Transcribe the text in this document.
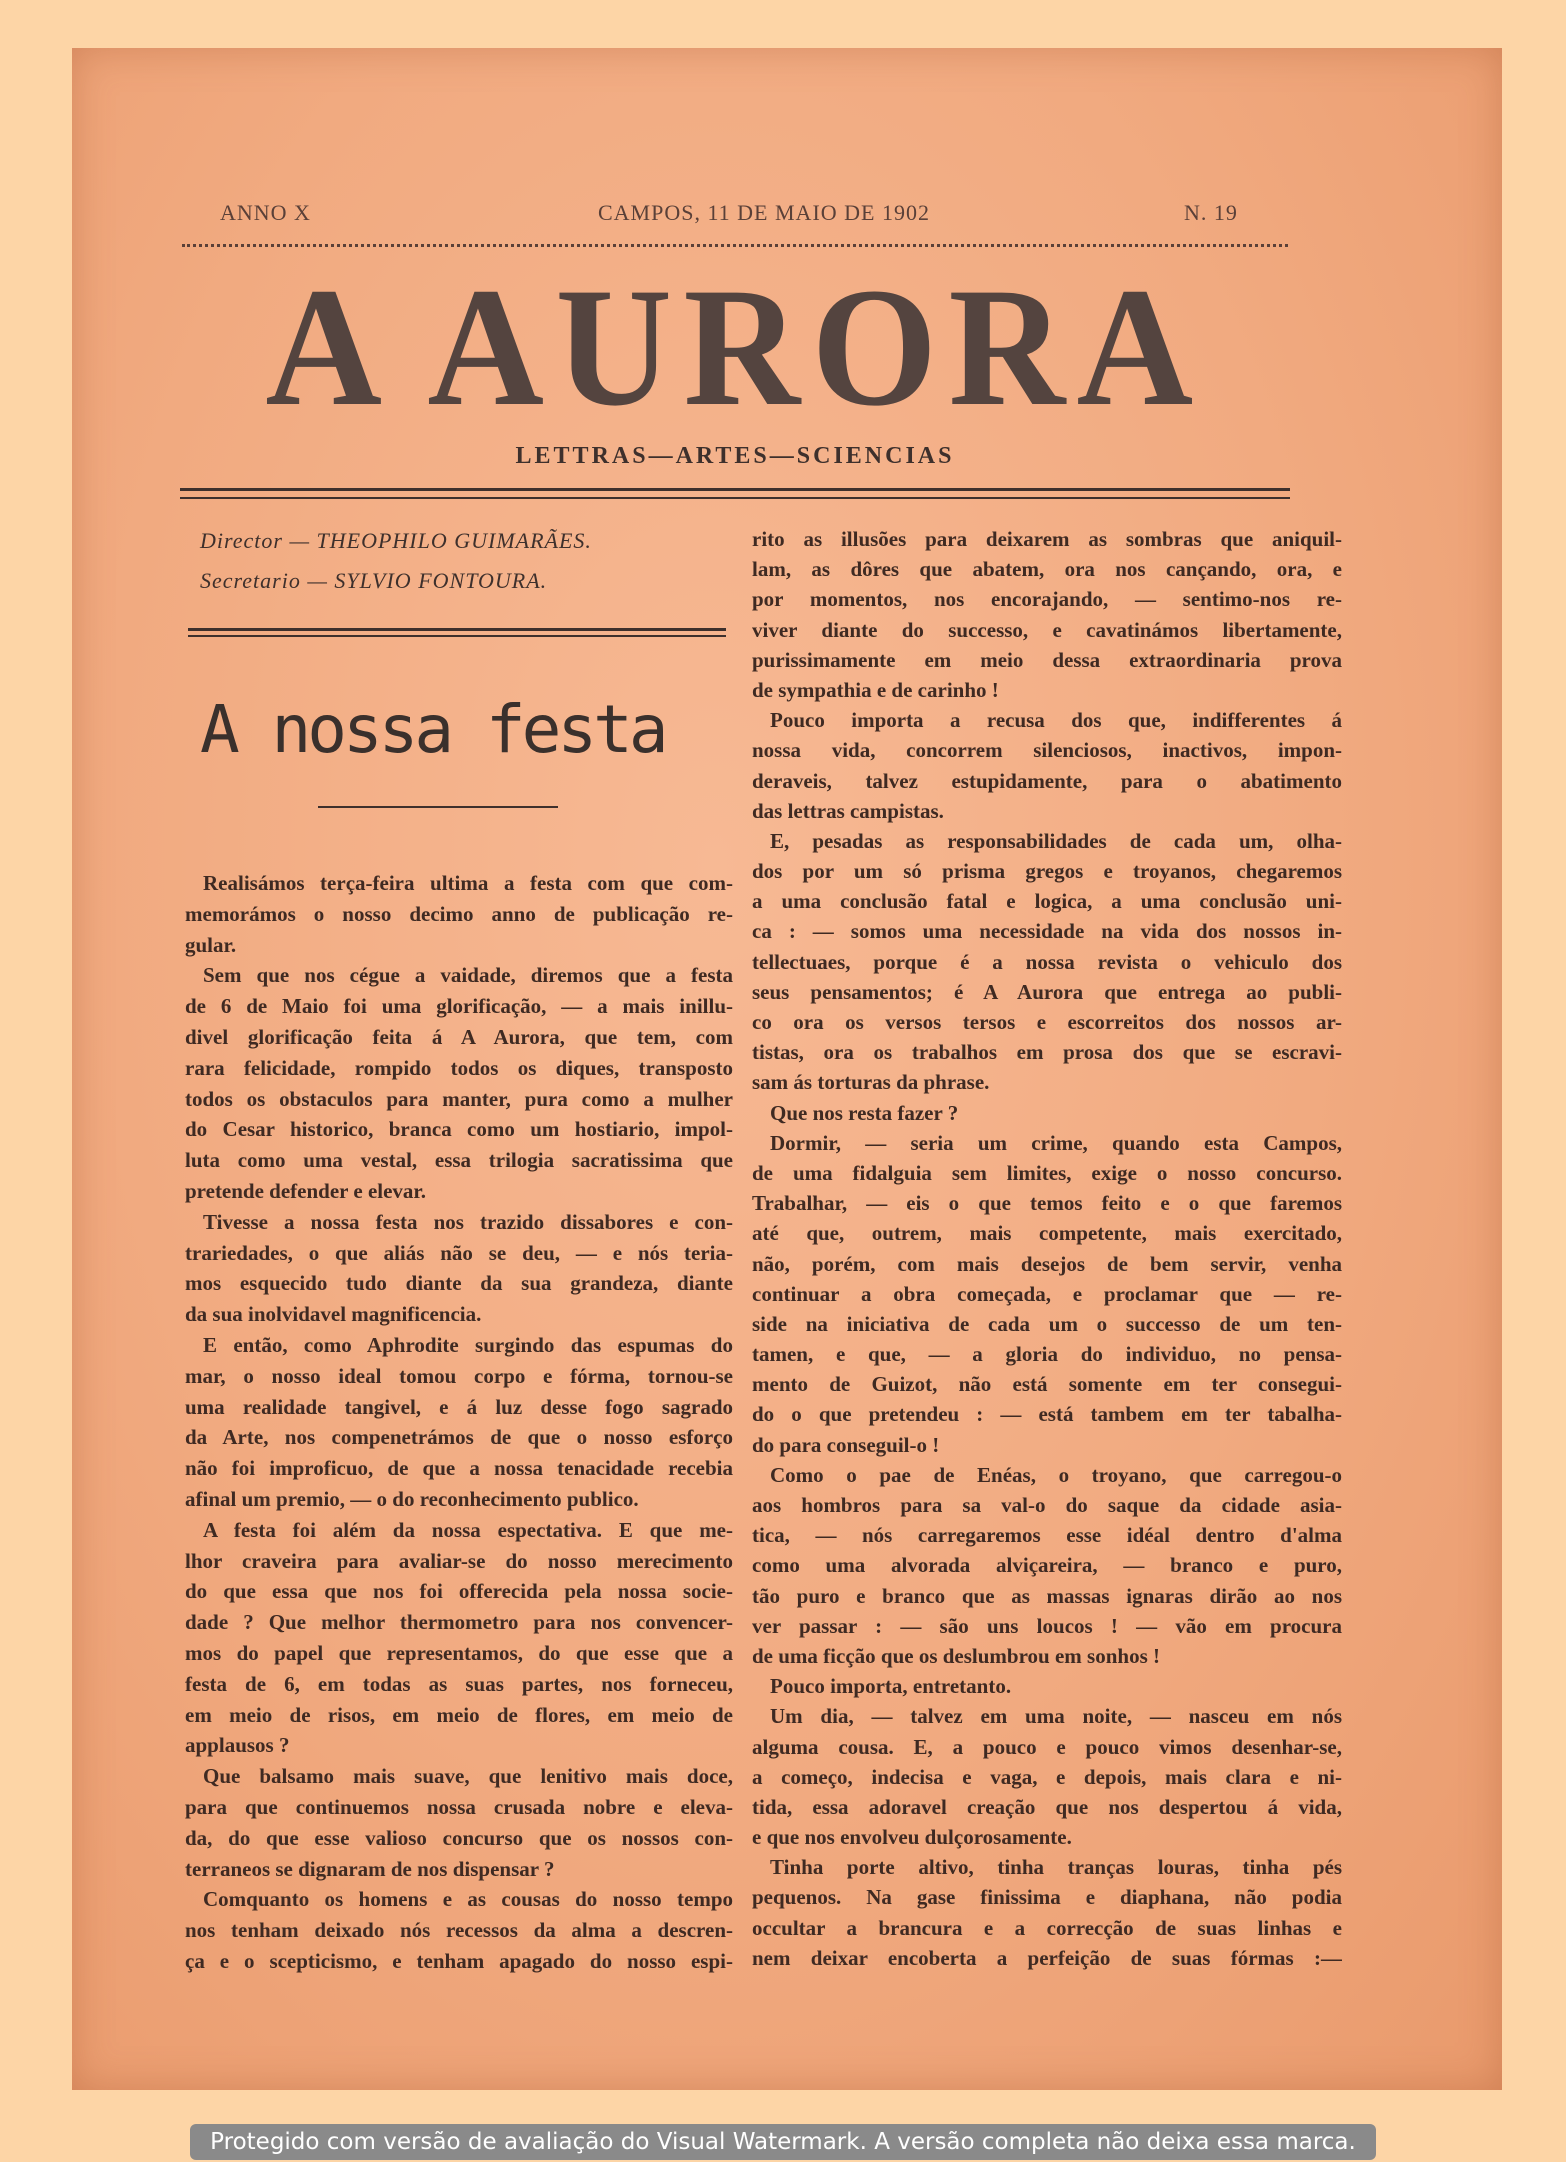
ANNO X	CAMPOS, 11 DE MAIO DE 1902	N. 19
A AURORA
LETTRAS—ARTES—SCIENCIAS
Director — THEOPHILO GUIMARÃES.
Secretario — SYLVIO FONTOURA.
A nossa festa
Realisámos terça-feira ultima a festa com que com-
memorámos o nosso decimo anno de publicação re-
gular.
Sem que nos cégue a vaidade, diremos que a festa
de 6 de Maio foi uma glorificação, — a mais inillu-
divel glorificação feita á A Aurora, que tem, com
rara felicidade, rompido todos os diques, transposto
todos os obstaculos para manter, pura como a mulher
do Cesar historico, branca como um hostiario, impol-
luta como uma vestal, essa trilogia sacratissima que
pretende defender e elevar.
Tivesse a nossa festa nos trazido dissabores e con-
trariedades, o que aliás não se deu, — e nós teria-
mos esquecido tudo diante da sua grandeza, diante
da sua inolvidavel magnificencia.
E então, como Aphrodite surgindo das espumas do
mar, o nosso ideal tomou corpo e fórma, tornou-se
uma realidade tangivel, e á luz desse fogo sagrado
da Arte, nos compenetrámos de que o nosso esforço
não foi improficuo, de que a nossa tenacidade recebia
afinal um premio, — o do reconhecimento publico.
A festa foi além da nossa espectativa. E que me-
lhor craveira para avaliar-se do nosso merecimento
do que essa que nos foi offerecida pela nossa socie-
dade ? Que melhor thermometro para nos convencer-
mos do papel que representamos, do que esse que a
festa de 6, em todas as suas partes, nos forneceu,
em meio de risos, em meio de flores, em meio de
applausos ?
Que balsamo mais suave, que lenitivo mais doce,
para que continuemos nossa crusada nobre e eleva-
da, do que esse valioso concurso que os nossos con-
terraneos se dignaram de nos dispensar ?
Comquanto os homens e as cousas do nosso tempo
nos tenham deixado nós recessos da alma a descren-
ça e o scepticismo, e tenham apagado do nosso espi-
rito as illusões para deixarem as sombras que aniquil-
lam, as dôres que abatem, ora nos cançando, ora, e
por momentos, nos encorajando, — sentimo-nos re-
viver diante do successo, e cavatinámos libertamente,
purissimamente em meio dessa extraordinaria prova
de sympathia e de carinho !
Pouco importa a recusa dos que, indifferentes á
nossa vida, concorrem silenciosos, inactivos, impon-
deraveis, talvez estupidamente, para o abatimento
das lettras campistas.
E, pesadas as responsabilidades de cada um, olha-
dos por um só prisma gregos e troyanos, chegaremos
a uma conclusão fatal e logica, a uma conclusão uni-
ca : — somos uma necessidade na vida dos nossos in-
tellectuaes, porque é a nossa revista o vehiculo dos
seus pensamentos; é A Aurora que entrega ao publi-
co ora os versos tersos e escorreitos dos nossos ar-
tistas, ora os trabalhos em prosa dos que se escravi-
sam ás torturas da phrase.
Que nos resta fazer ?
Dormir, — seria um crime, quando esta Campos,
de uma fidalguia sem limites, exige o nosso concurso.
Trabalhar, — eis o que temos feito e o que faremos
até que, outrem, mais competente, mais exercitado,
não, porém, com mais desejos de bem servir, venha
continuar a obra começada, e proclamar que — re-
side na iniciativa de cada um o successo de um ten-
tamen, e que, — a gloria do individuo, no pensa-
mento de Guizot, não está somente em ter consegui-
do o que pretendeu : — está tambem em ter tabalha-
do para conseguil-o !
Como o pae de Enéas, o troyano, que carregou-o
aos hombros para sa val-o do saque da cidade asia-
tica, — nós carregaremos esse idéal dentro d'alma
como uma alvorada alviçareira, — branco e puro,
tão puro e branco que as massas ignaras dirão ao nos
ver passar : — são uns loucos ! — vão em procura
de uma ficção que os deslumbrou em sonhos !
Pouco importa, entretanto.
Um dia, — talvez em uma noite, — nasceu em nós
alguma cousa. E, a pouco e pouco vimos desenhar-se,
a começo, indecisa e vaga, e depois, mais clara e ni-
tida, essa adoravel creação que nos despertou á vida,
e que nos envolveu dulçorosamente.
Tinha porte altivo, tinha tranças louras, tinha pés
pequenos. Na gase finissima e diaphana, não podia
occultar a brancura e a correcção de suas linhas e
nem deixar encoberta a perfeição de suas fórmas :—
Protegido com versão de avaliação do Visual Watermark. A versão completa não deixa essa marca.
